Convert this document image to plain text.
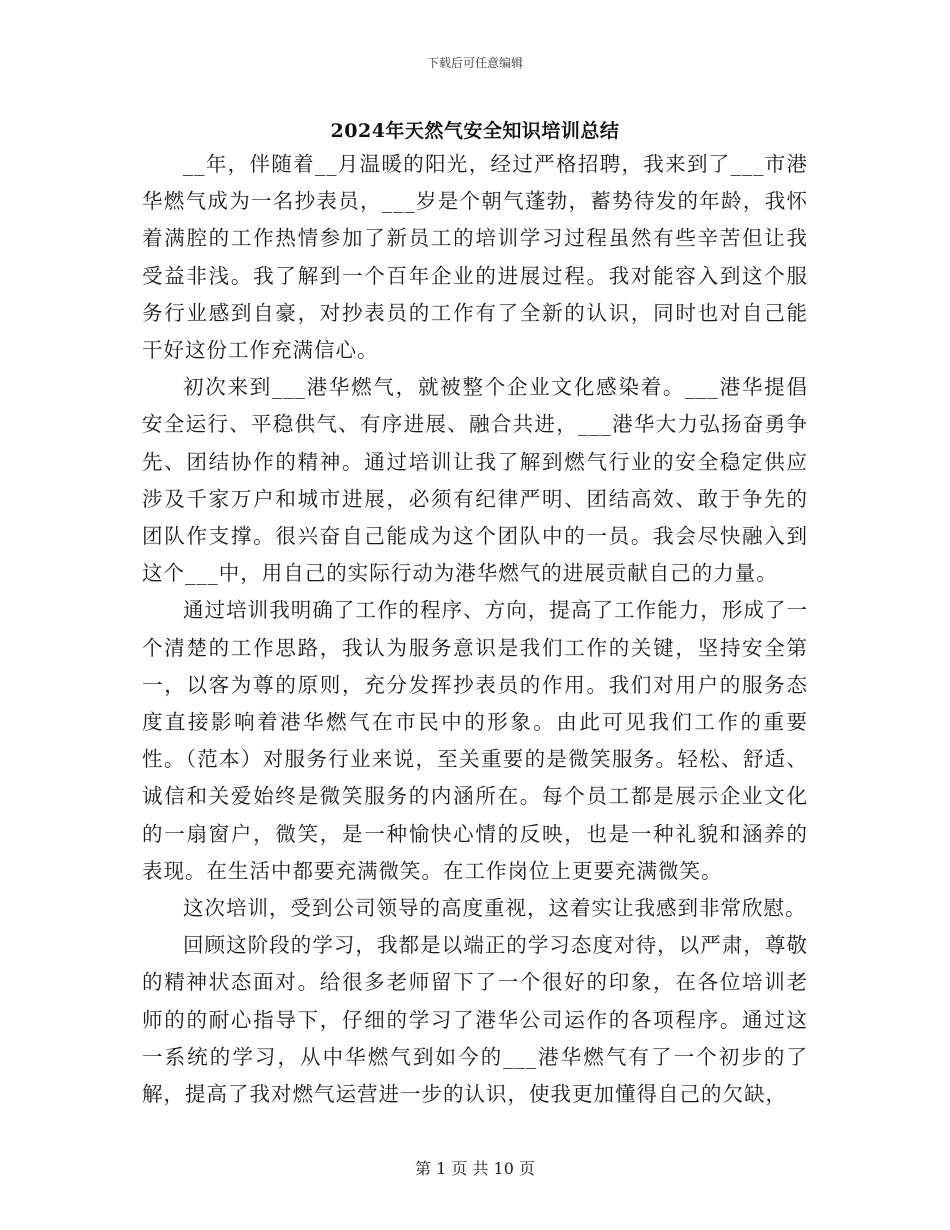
下载后可任意编辑
2024年天然气安全知识培训总结

__年，伴随着__月温暖的阳光，经过严格招聘，我来到了___市港华燃气成为一名抄表员，___岁是个朝气蓬勃，蓄势待发的年龄，我怀着满腔的工作热情参加了新员工的培训学习过程虽然有些辛苦但让我受益非浅。我了解到一个百年企业的进展过程。我对能容入到这个服务行业感到自豪，对抄表员的工作有了全新的认识，同时也对自己能干好这份工作充满信心。

初次来到___港华燃气，就被整个企业文化感染着。___港华提倡安全运行、平稳供气、有序进展、融合共进，___港华大力弘扬奋勇争先、团结协作的精神。通过培训让我了解到燃气行业的安全稳定供应涉及千家万户和城市进展，必须有纪律严明、团结高效、敢于争先的团队作支撑。很兴奋自己能成为这个团队中的一员。我会尽快融入到这个___中，用自己的实际行动为港华燃气的进展贡献自己的力量。

通过培训我明确了工作的程序、方向，提高了工作能力，形成了一个清楚的工作思路，我认为服务意识是我们工作的关键，坚持安全第一，以客为尊的原则，充分发挥抄表员的作用。我们对用户的服务态度直接影响着港华燃气在市民中的形象。由此可见我们工作的重要性。（范本）对服务行业来说，至关重要的是微笑服务。轻松、舒适、诚信和关爱始终是微笑服务的内涵所在。每个员工都是展示企业文化的一扇窗户，微笑，是一种愉快心情的反映，也是一种礼貌和涵养的表现。在生活中都要充满微笑。在工作岗位上更要充满微笑。

这次培训，受到公司领导的高度重视，这着实让我感到非常欣慰。

回顾这阶段的学习，我都是以端正的学习态度对待，以严肃，尊敬的精神状态面对。给很多老师留下了一个很好的印象，在各位培训老师的的耐心指导下，仔细的学习了港华公司运作的各项程序。通过这一系统的学习，从中华燃气到如今的___港华燃气有了一个初步的了解，提高了我对燃气运营进一步的认识，使我更加懂得自己的欠缺，

第 1 页 共 10 页
